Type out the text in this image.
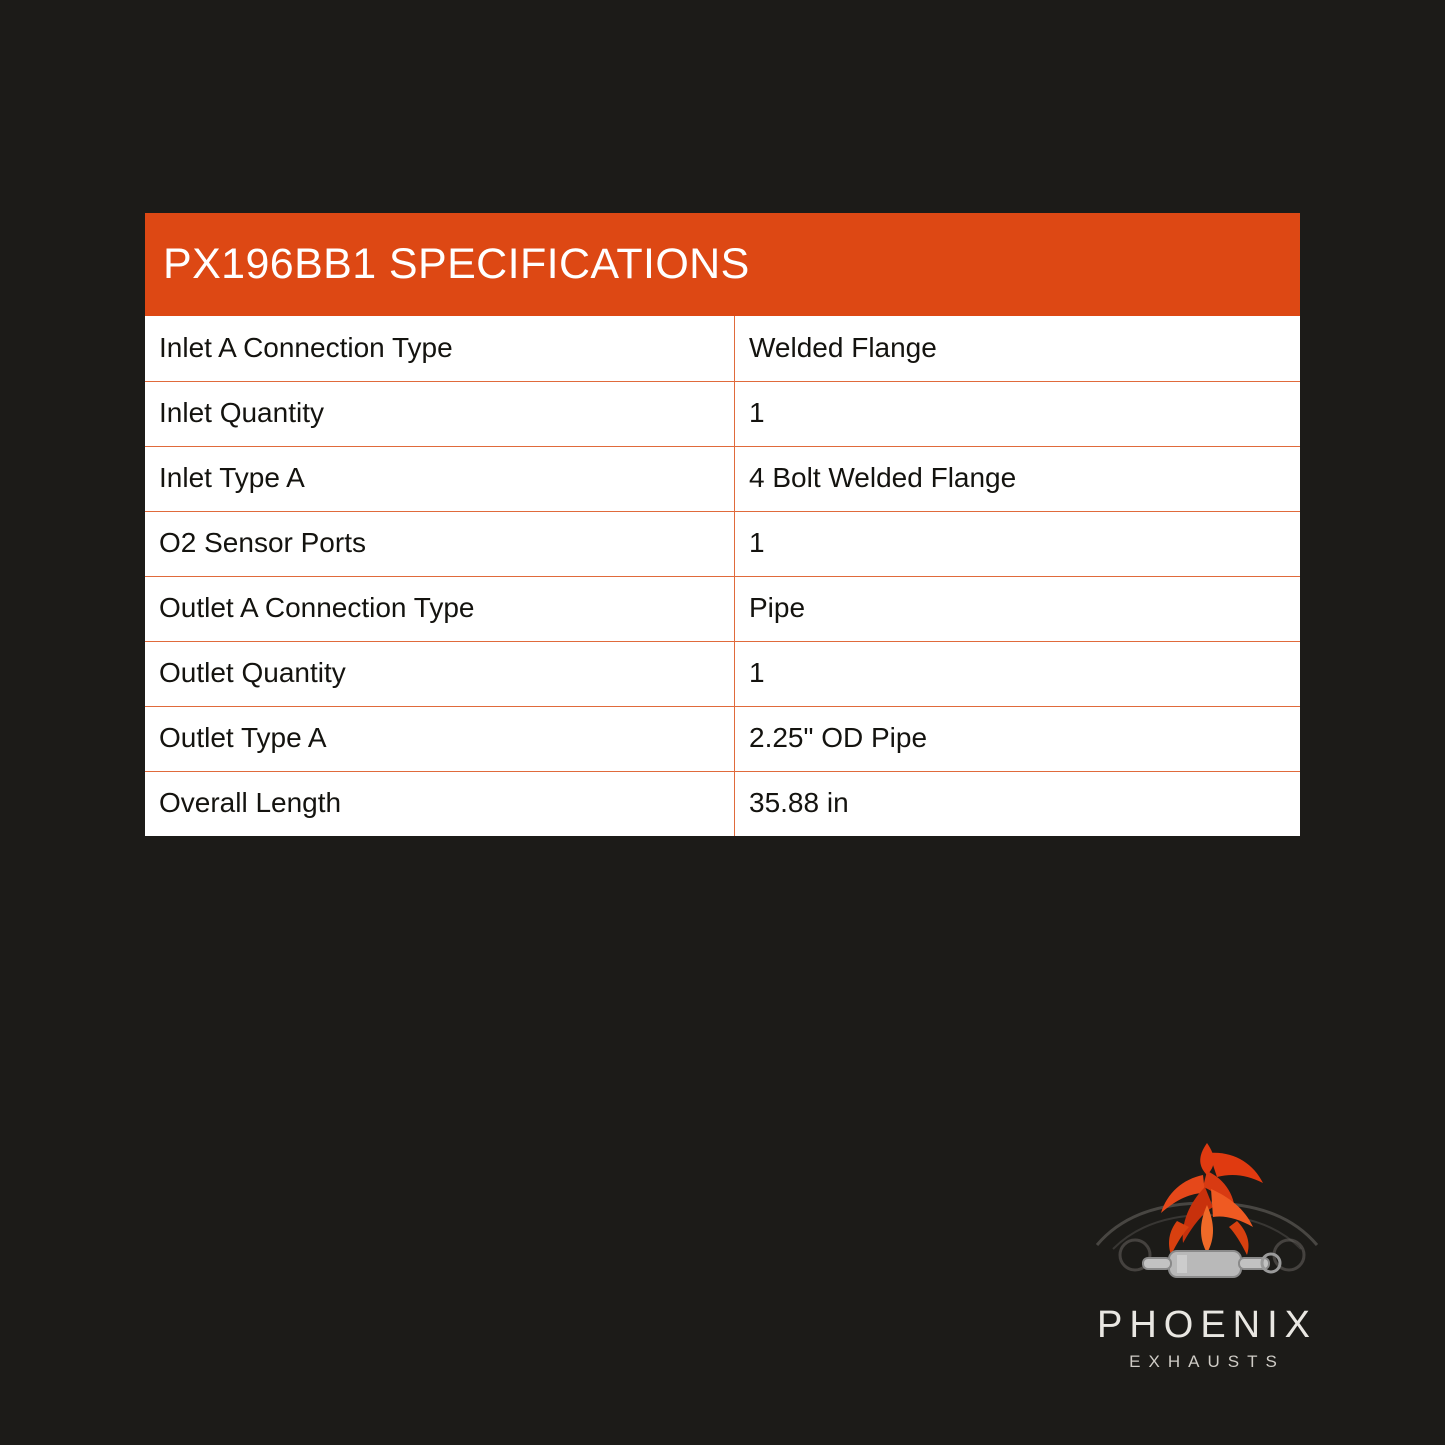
PX196BB1 SPECIFICATIONS
Inlet A Connection Type	Welded Flange
Inlet Quantity	1
Inlet Type A	4 Bolt Welded Flange
O2 Sensor Ports	1
Outlet A Connection Type	Pipe
Outlet Quantity	1
Outlet Type A	2.25" OD Pipe
Overall Length	35.88 in
PHOENIX
EXHAUSTS
